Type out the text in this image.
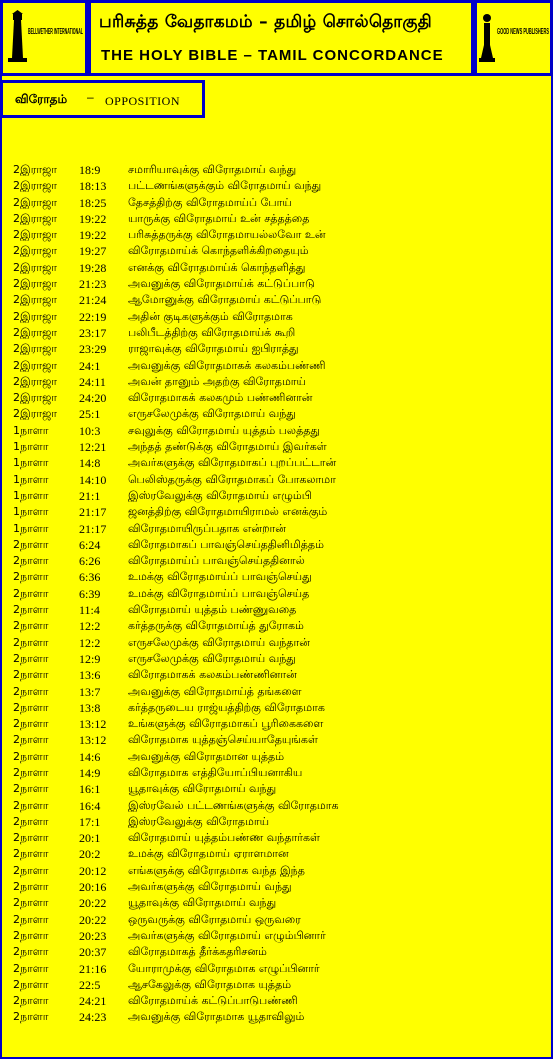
BELLWETHER INTERNATIONAL பரிசுத்த வேதாகமம் – தமிழ் சொல்தொகுதி
THE HOLY BIBLE – TAMIL CONCORDANCE
GOOD NEWS PUBLISHERS
விரோதம் – OPPOSITION
2இராஜா 18:9	சமாரியாவுக்கு விரோதமாய் வந்து
2இராஜா 18:13 பட்டணங்களுக்கும் விரோதமாய் வந்து
2இராஜா 18:25 தேசத்திற்கு விரோதமாய்ப் போய்
2இராஜா 19:22 யாருக்கு விரோதமாய் உன் சத்தத்தை
2இராஜா 19:22 பரிசுத்தருக்கு விரோதமாயல்லவோ உன்
2இராஜா 19:27 விரோதமாய்க் கொந்தளிக்கிறதையும்
2இராஜா 19:28 எனக்கு விரோதமாய்க் கொந்தளித்து
2இராஜா 21:23 அவனுக்கு விரோதமாய்க் கட்டுப்பாடு
2இராஜா 21:24 ஆமோனுக்கு விரோதமாய் கட்டுப்பாடு
2இராஜா 22:19 அதின் குடிகளுக்கும் விரோதமாக
2இராஜா 23:17 பலிபீடத்திற்கு விரோதமாய்க் கூறி
2இராஜா 23:29 ராஜாவுக்கு விரோதமாய் ஐபிராத்து
2இராஜா 24:1	அவனுக்கு விரோதமாகக் கலகம்பண்ணி
2இராஜா 24:11 அவன் தானும் அதற்கு விரோதமாய்
2இராஜா 24:20 விரோதமாகக் கலகமும் பண்ணினான்
2இராஜா 25:1	எருசலேமுக்கு விரோதமாய் வந்து
1நாளா	10:3	சவுலுக்கு விரோதமாய் யுத்தம் பலத்தது
1நாளா	12:21 அந்தத் தண்டுக்கு விரோதமாய் இவர்கள்
1நாளா	14:8	அவர்களுக்கு விரோதமாகப் புறப்பட்டான்
1நாளா	14:10 பெலிஸ்தருக்கு விரோதமாகப் போகலாமா
1நாளா	21:1	இஸ்ரவேலுக்கு விரோதமாய் எழும்பி
1நாளா	21:17 ஜனத்திற்கு விரோதமாயிராமல் எனக்கும்
1நாளா	21:17 விரோதமாயிருப்பதாக என்றான்
2நாளா	6:24	விரோதமாகப் பாவஞ்செய்ததினிமித்தம்
2நாளா	6:26	விரோதமாய்ப் பாவஞ்செய்ததினால்
2நாளா	6:36	உமக்கு விரோதமாய்ப் பாவஞ்செய்து
2நாளா	6:39	உமக்கு விரோதமாய்ப் பாவஞ்செய்த
2நாளா	11:4	விரோதமாய் யுத்தம் பண்ணுவதை
2நாளா	12:2	கர்த்தருக்கு விரோதமாய்த் துரோகம்
2நாளா	12:2	எருசலேமுக்கு விரோதமாய் வந்தான்
2நாளா	12:9	எருசலேமுக்கு விரோதமாய் வந்து
2நாளா	13:6	விரோதமாகக் கலகம்பண்ணினான்
2நாளா	13:7	அவனுக்கு விரோதமாய்த் தங்களை
2நாளா	13:8	கர்த்தருடைய ராஜ்யத்திற்கு விரோதமாக
2நாளா	13:12 உங்களுக்கு விரோதமாகப் பூரிகைகளை
2நாளா	13:12 விரோதமாக யுத்தஞ்செய்யாதேயுங்கள்
2நாளா	14:6	அவனுக்கு விரோதமான யுத்தம்
2நாளா	14:9	விரோதமாக எத்தியோப்பியனாகிய
2நாளா	16:1	யூதாவுக்கு விரோதமாய் வந்து
2நாளா	16:4	இஸ்ரவேல் பட்டணங்களுக்கு விரோதமாக
2நாளா	17:1	இஸ்ரவேலுக்கு விரோதமாய்
2நாளா	20:1	விரோதமாய் யுத்தம்பண்ண வந்தார்கள்
2நாளா	20:2	உமக்கு விரோதமாய் ஏராளமான
2நாளா	20:12 எங்களுக்கு விரோதமாக வந்த இந்த
2நாளா	20:16 அவர்களுக்கு விரோதமாய் வந்து
2நாளா	20:22 யூதாவுக்கு விரோதமாய் வந்து
2நாளா	20:22 ஒருவருக்கு விரோதமாய் ஒருவரை
2நாளா	20:23 அவர்களுக்கு விரோதமாய் எழும்பினார்
2நாளா	20:37 விரோதமாகத் தீர்க்கதரிசனம்
2நாளா	21:16 யோராமுக்கு விரோதமாக எழுப்பினார்
2நாளா	22:5	ஆசகேலுக்கு விரோதமாக யுத்தம்
2நாளா	24:21 விரோதமாய்க் கட்டுப்பாடுபண்ணி
2நாளா	24:23 அவனுக்கு விரோதமாக யூதாவிலும்
